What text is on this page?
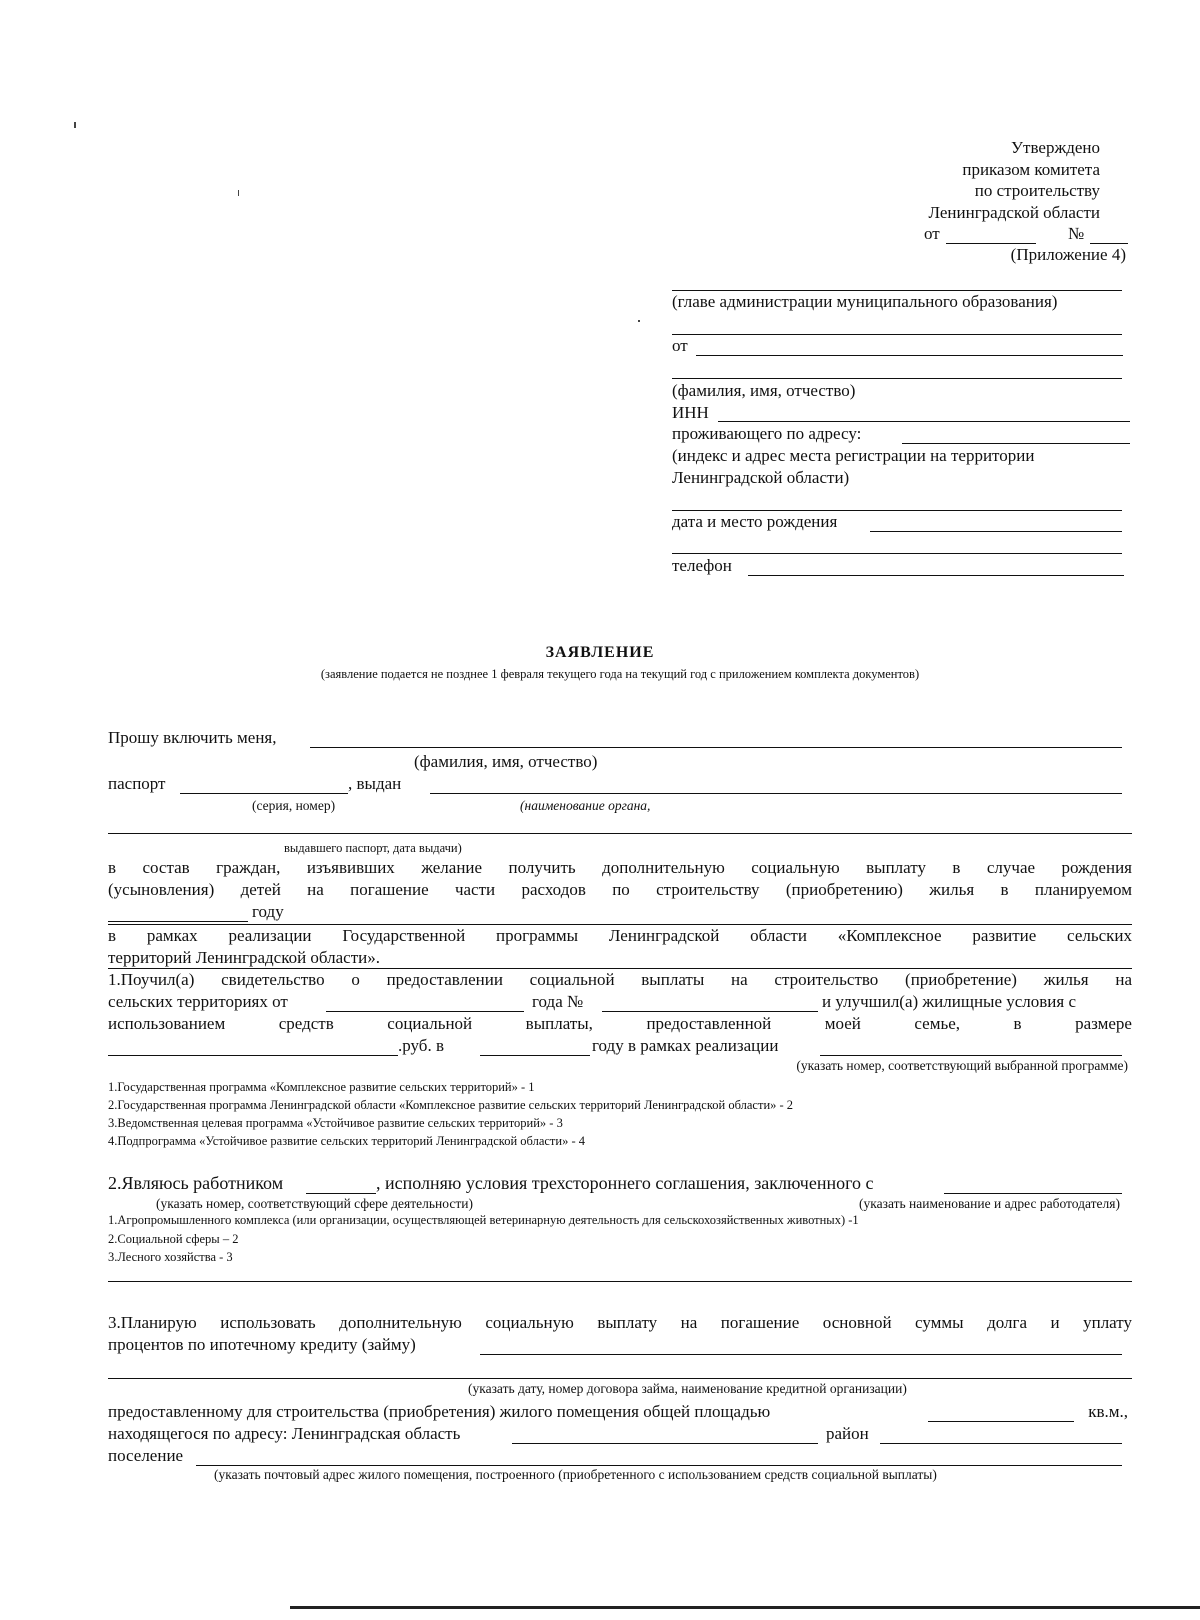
Утверждено
приказом комитета
по строительству
Ленинградской области
от	№
(Приложение 4)
(главе администрации муниципального образования)
от
(фамилия, имя, отчество)
ИНН
проживающего по адресу:
(индекс и адрес места регистрации на территории
Ленинградской области)
дата и место рождения
телефон
ЗАЯВЛЕНИЕ
(заявление подается не позднее 1 февраля текущего года на текущий год с приложением комплекта документов)
Прошу включить меня,
(фамилия, имя, отчество)
паспорт	, выдан
(серия, номер)	(наименование органа,
выдавшего паспорт, дата выдачи)
в состав граждан, изъявивших желание получить дополнительную социальную выплату в случае рождения
(усыновления) детей на погашение части расходов по строительству (приобретению) жилья в планируемом
году
в рамках реализации Государственной программы Ленинградской области «Комплексное развитие сельских
территорий Ленинградской области».
1.Поучил(а) свидетельство о предоставлении социальной выплаты на строительство (приобретение) жилья на
сельских территориях от	года №	и улучшил(а) жилищные условия с
использованием	средств	социальной	выплаты,	предоставленной	моей	семье,	в	размере
.руб. в	году в рамках реализации
(указать номер, соответствующий выбранной программе)
1.Государственная программа «Комплексное развитие сельских территорий» - 1
2.Государственная программа Ленинградской области «Комплексное развитие сельских территорий Ленинградской области» - 2
3.Ведомственная целевая программа «Устойчивое развитие сельских территорий» - 3
4.Подпрограмма «Устойчивое развитие сельских территорий Ленинградской области» - 4
2.Являюсь работником	, исполняю условия трехстороннего соглашения, заключенного с
(указать номер, соответствующий сфере деятельности)	(указать наименование и адрес работодателя)
1.Агропромышленного комплекса (или организации, осуществляющей ветеринарную деятельность для сельскохозяйственных животных) -1
2.Социальной сферы – 2
3.Лесного хозяйства - 3
3.Планирую использовать дополнительную социальную выплату на погашение основной суммы долга и уплату
процентов по ипотечному кредиту (займу)
(указать дату, номер договора займа, наименование кредитной организации)
предоставленному для строительства (приобретения) жилого помещения общей площадью	кв.м.,
находящегося по адресу: Ленинградская область	район
поселение
(указать почтовый адрес жилого помещения, построенного (приобретенного с использованием средств социальной выплаты)
